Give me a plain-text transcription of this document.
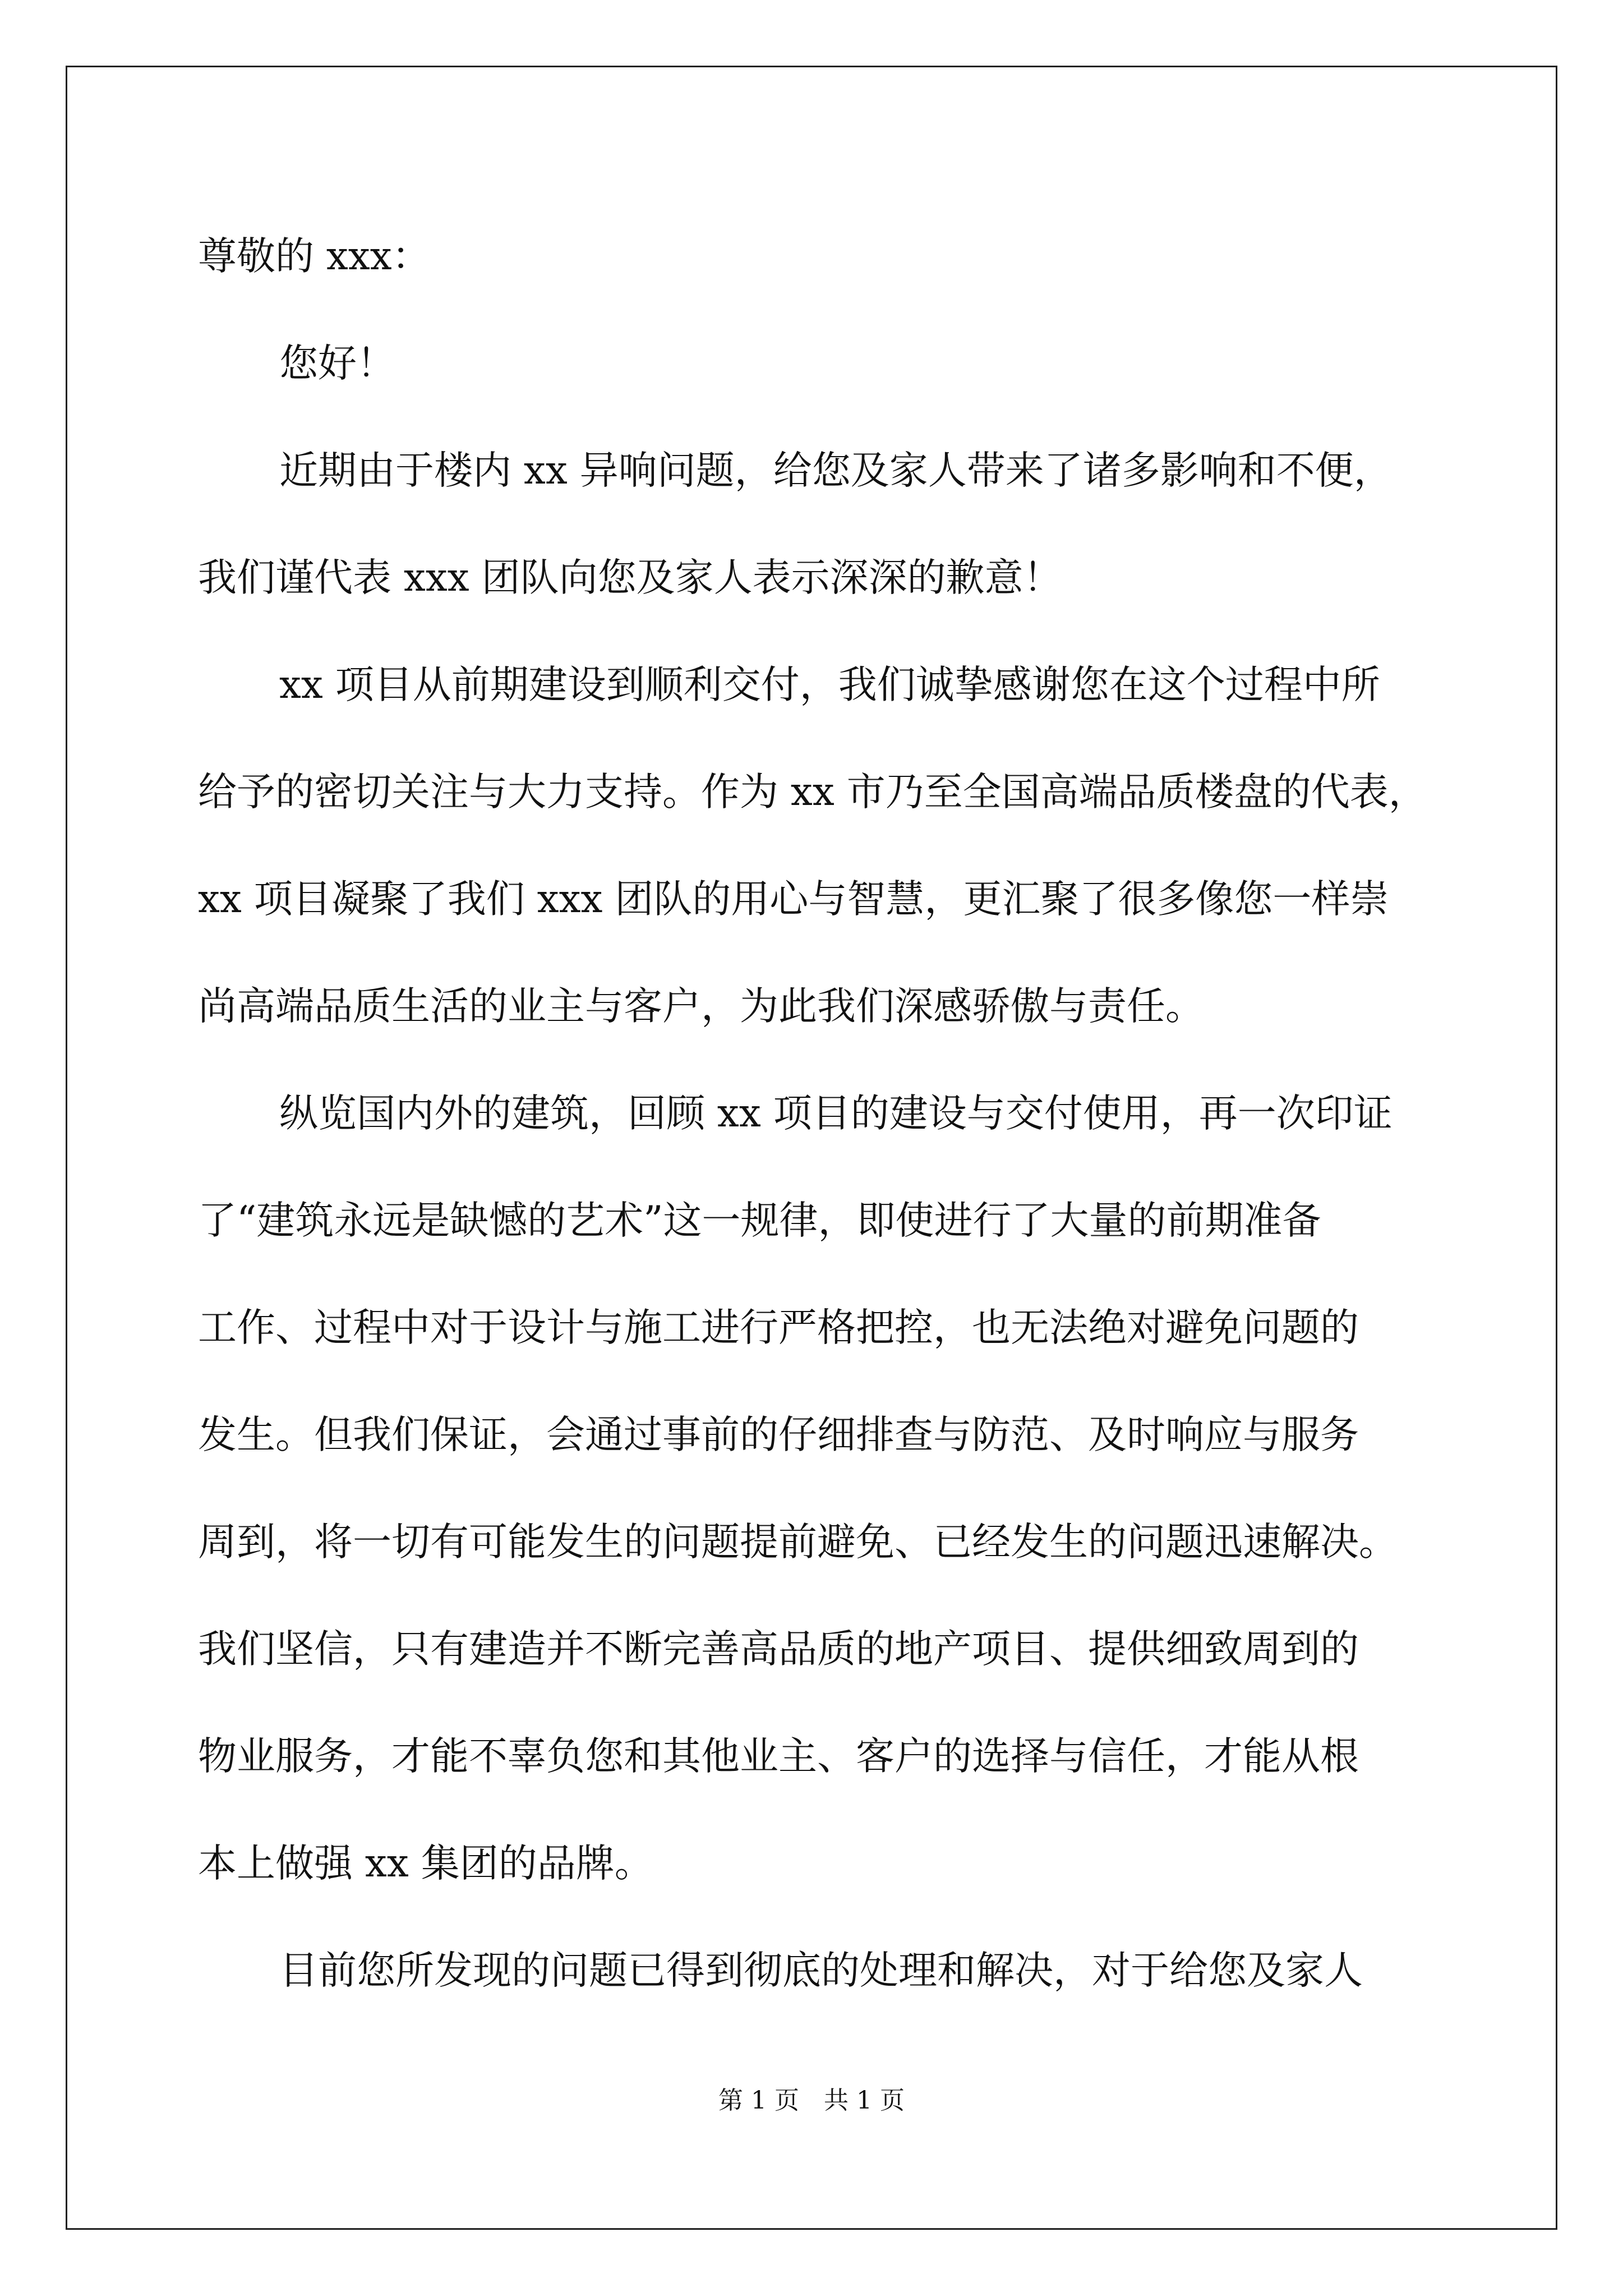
尊敬的 xxx：
您好！
近期由于楼内 xx 异响问题，给您及家人带来了诸多影响和不便，
我们谨代表 xxx 团队向您及家人表示深深的歉意！
xx 项目从前期建设到顺利交付，我们诚挚感谢您在这个过程中所
给予的密切关注与大力支持。作为 xx 市乃至全国高端品质楼盘的代表，
xx 项目凝聚了我们 xxx 团队的用心与智慧，更汇聚了很多像您一样崇
尚高端品质生活的业主与客户，为此我们深感骄傲与责任。
纵览国内外的建筑，回顾 xx 项目的建设与交付使用，再一次印证
了“建筑永远是缺憾的艺术”这一规律，即使进行了大量的前期准备
工作、过程中对于设计与施工进行严格把控，也无法绝对避免问题的
发生。但我们保证，会通过事前的仔细排查与防范、及时响应与服务
周到，将一切有可能发生的问题提前避免、已经发生的问题迅速解决。
我们坚信，只有建造并不断完善高品质的地产项目、提供细致周到的
物业服务，才能不辜负您和其他业主、客户的选择与信任，才能从根
本上做强 xx 集团的品牌。
目前您所发现的问题已得到彻底的处理和解决，对于给您及家人
第 1 页　共 1 页
